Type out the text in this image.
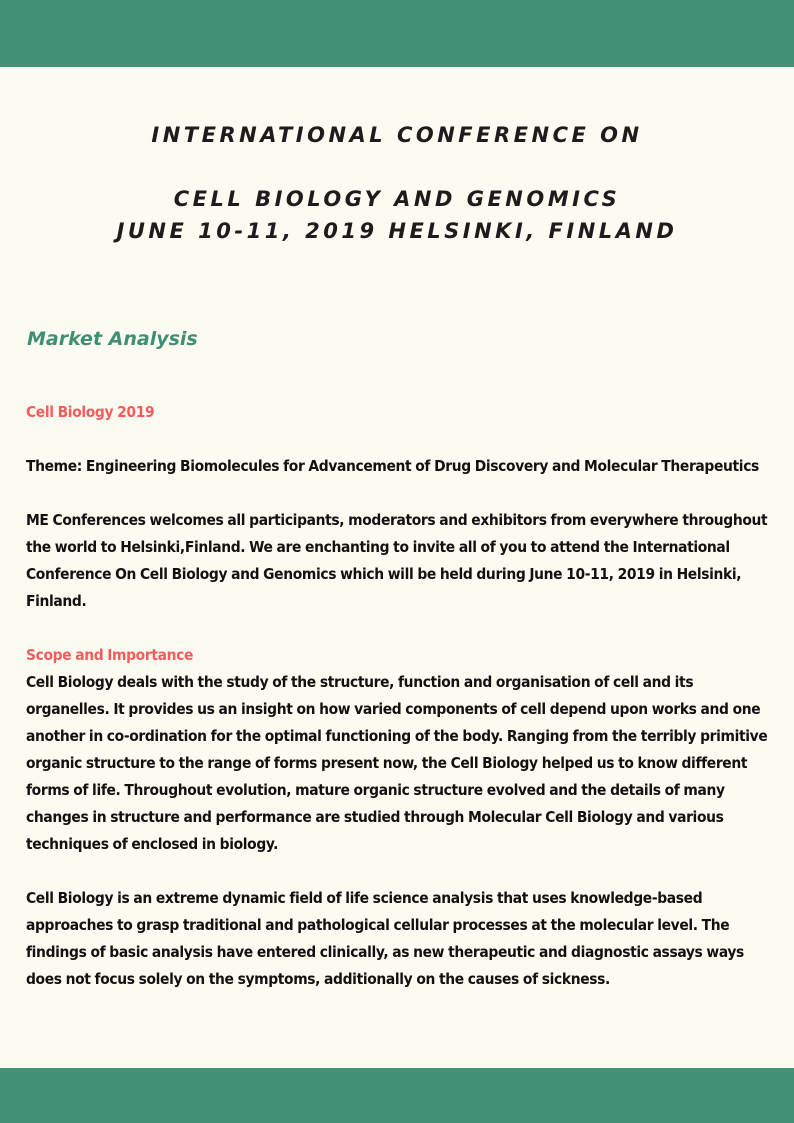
INTERNATIONAL CONFERENCE ON
CELL BIOLOGY AND GENOMICS
JUNE 10-11, 2019 HELSINKI, FINLAND
Market Analysis

Cell Biology 2019

Theme: Engineering Biomolecules for Advancement of Drug Discovery and Molecular Therapeutics

ME Conferences welcomes all participants, moderators and exhibitors from everywhere throughout the world to Helsinki,Finland. We are enchanting to invite all of you to attend the International Conference On Cell Biology and Genomics which will be held during June 10-11, 2019 in Helsinki, Finland.

Scope and Importance

Cell Biology deals with the study of the structure, function and organisation of cell and its organelles. It provides us an insight on how varied components of cell depend upon works and one another in co-ordination for the optimal functioning of the body. Ranging from the terribly primitive organic structure to the range of forms present now, the Cell Biology helped us to know different forms of life. Throughout evolution, mature organic structure evolved and the details of many changes in structure and performance are studied through Molecular Cell Biology and various techniques of enclosed in biology.

Cell Biology is an extreme dynamic field of life science analysis that uses knowledge-based approaches to grasp traditional and pathological cellular processes at the molecular level. The findings of basic analysis have entered clinically, as new therapeutic and diagnostic assays ways does not focus solely on the symptoms, additionally on the causes of sickness.
